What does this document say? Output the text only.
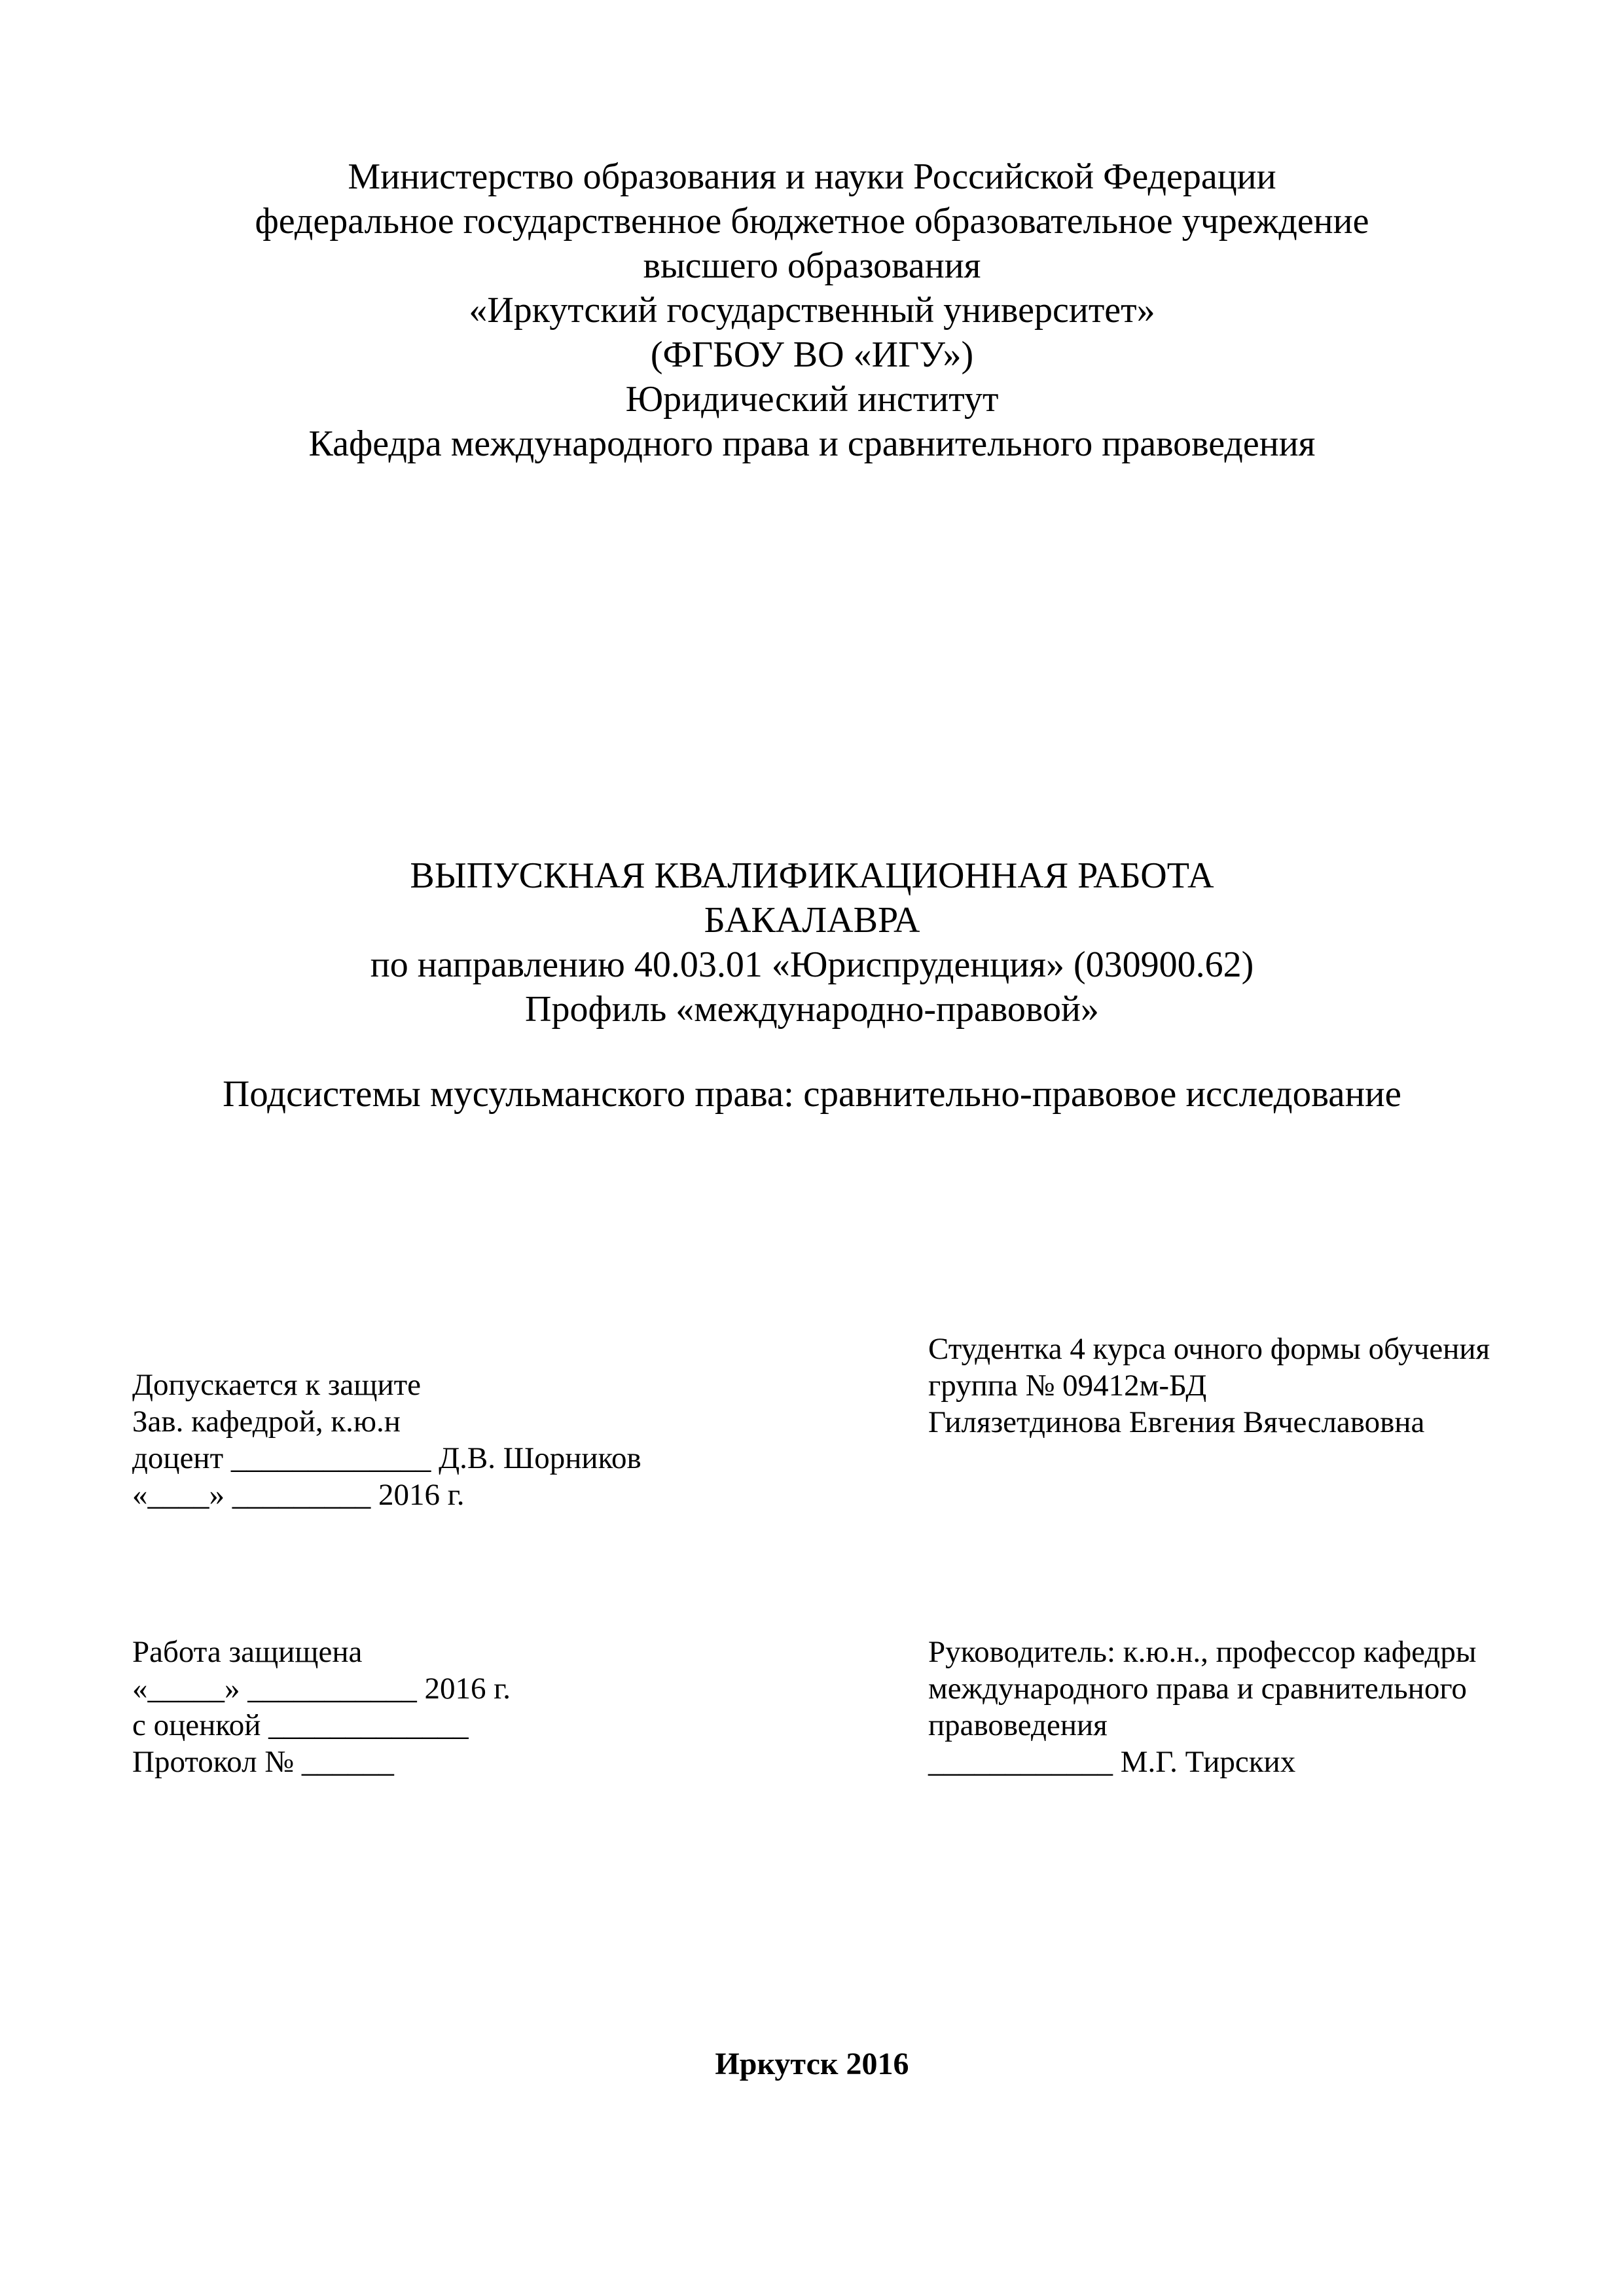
Министерство образования и науки Российской Федерации
федеральное государственное бюджетное образовательное учреждение
высшего образования
«Иркутский государственный университет»
(ФГБОУ ВО «ИГУ»)
Юридический институт
Кафедра международного права и сравнительного правоведения
ВЫПУСКНАЯ КВАЛИФИКАЦИОННАЯ РАБОТА
БАКАЛАВРА
по направлению 40.03.01 «Юриспруденция» (030900.62)
Профиль «международно-правовой»
Подсистемы мусульманского права: сравнительно-правовое исследование
Допускается к защите
Зав. кафедрой, к.ю.н
доцент _____________ Д.В. Шорников
«____» _________ 2016 г.
Студентка 4 курса очного формы обучения
группа № 09412м-БД
Гилязетдинова Евгения Вячеславовна
Работа защищена
«_____» ___________ 2016 г.
с оценкой _____________
Протокол № ______
Руководитель: к.ю.н., профессор кафедры
международного права и сравнительного
правоведения
____________ М.Г. Тирских
Иркутск 2016
